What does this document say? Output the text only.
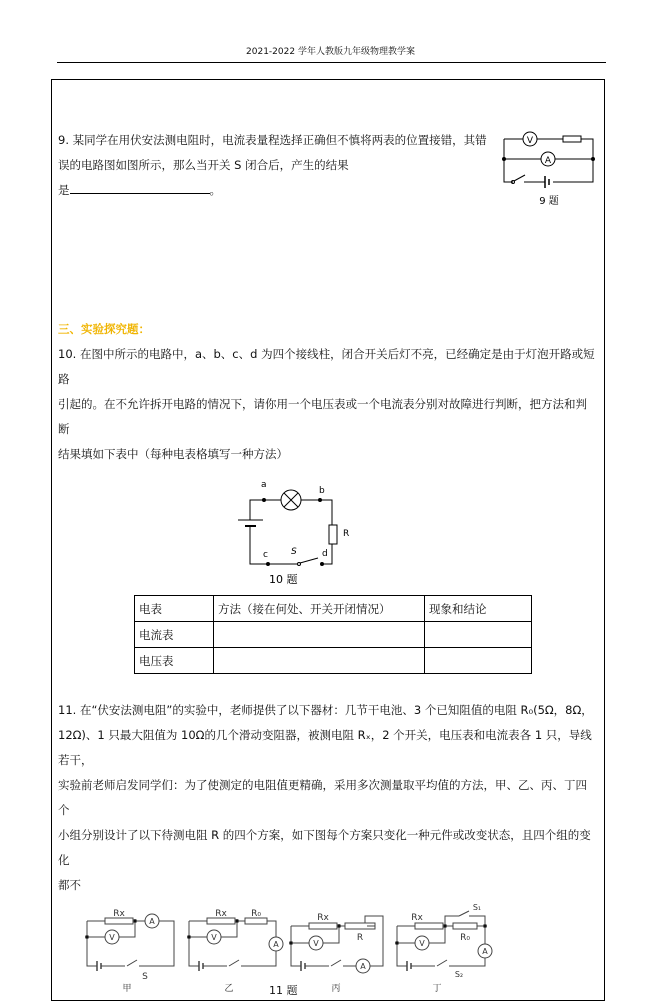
2021-2022 学年人教版九年级物理教学案
9. 某同学在用伏安法测电阻时，电流表量程选择正确但不慎将两表的位置接错，其错
误的电路图如图所示，那么当开关 S 闭合后，产生的结果
是	。
V
A
9 题
三、实验探究题：
10. 在图中所示的电路中，a、b、c、d 为四个接线柱，闭合开关后灯不亮，已经确定是由于灯泡开路或短路
引起的。在不允许拆开电路的情况下，请你用一个电压表或一个电流表分别对故障进行判断，把方法和判断
结果填如下表中（每种电表格填写一种方法）
a
b
R
c	S	d
10 题
电表	方法（接在何处、开关开闭情况）	现象和结论
电流表		
电压表		
11. 在“伏安法测电阻”的实验中，老师提供了以下器材：几节干电池、3 个已知阻值的电阻 R₀(5Ω，8Ω，
12Ω)、1 只最大阻值为 10Ω的几个滑动变阻器，被测电阻 Rₓ，2 个开关，电压表和电流表各 1 只，导线若干，
实验前老师启发同学们：为了使测定的电阻值更精确，采用多次测量取平均值的方法，甲、乙、丙、丁四个
小组分别设计了以下待测电阻 R 的四个方案，如下图每个方案只变化一种元件或改变状态，且四个组的变化
都不
Rx
A
V
S
甲
Rx	R₀
A
V
乙
Rx
R
A
V
丙
Rx
R₀
S₁
S₂
A
V
丁
11 题
